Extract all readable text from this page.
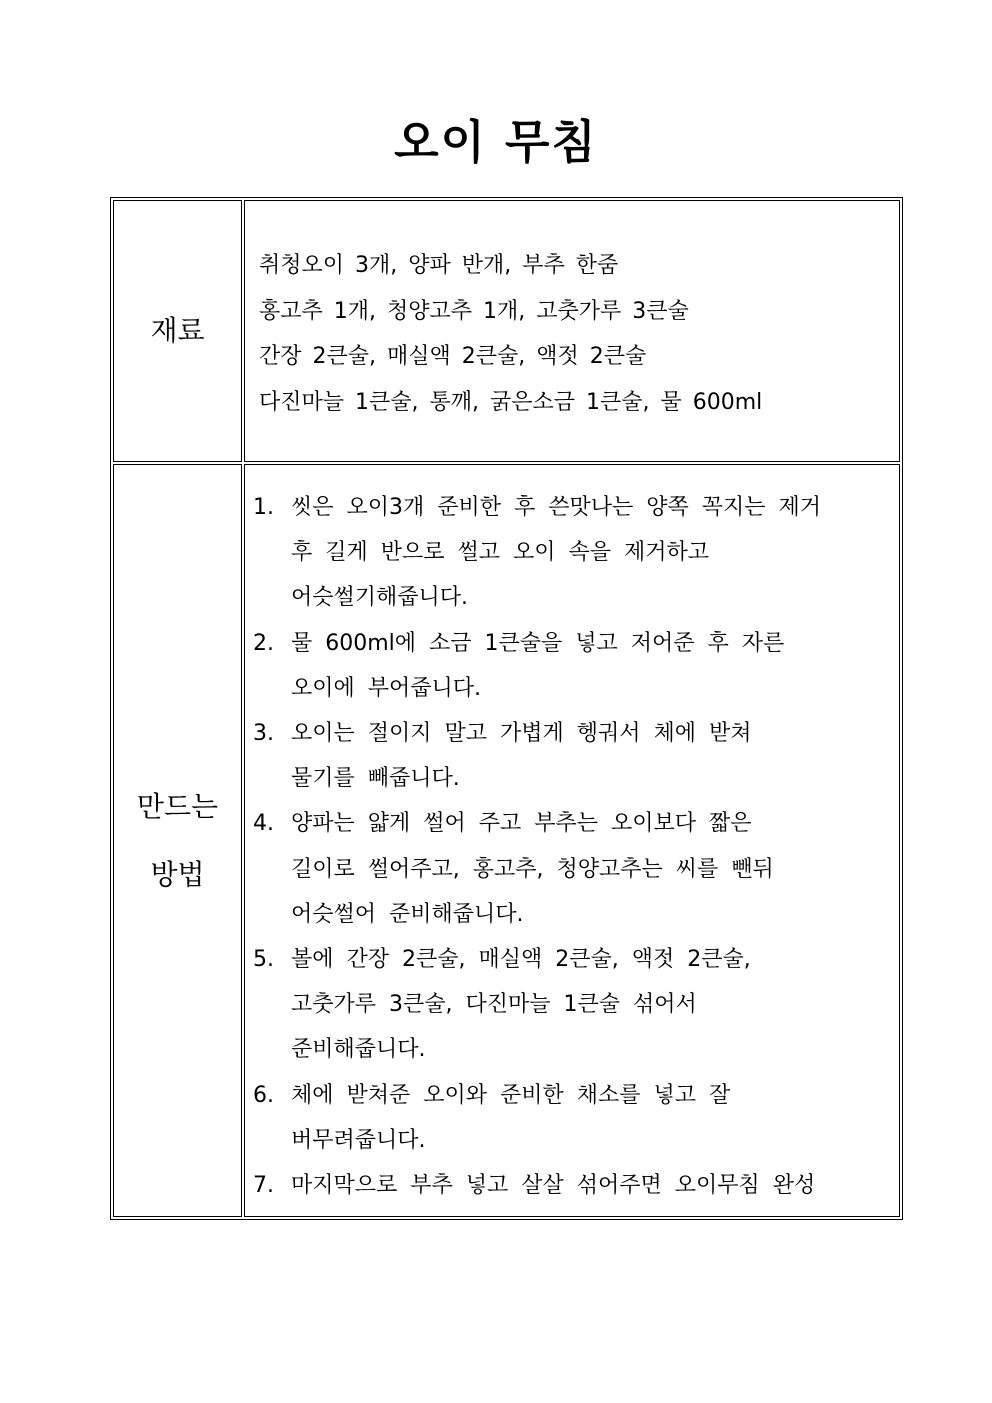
오이 무침
재료
취청오이 3개, 양파 반개, 부추 한줌
홍고추 1개, 청양고추 1개, 고춧가루 3큰술
간장 2큰술, 매실액 2큰술, 액젓 2큰술
다진마늘 1큰술, 통깨, 굵은소금 1큰술, 물 600ml
만드는
방법
1. 씻은 오이3개 준비한 후 쓴맛나는 양쪽 꼭지는 제거
후 길게 반으로 썰고 오이 속을 제거하고
어슷썰기해줍니다.
2. 물 600ml에 소금 1큰술을 넣고 저어준 후 자른
오이에 부어줍니다.
3. 오이는 절이지 말고 가볍게 헹궈서 체에 받쳐
물기를 빼줍니다.
4. 양파는 얇게 썰어 주고 부추는 오이보다 짧은
길이로 썰어주고, 홍고추, 청양고추는 씨를 뺀뒤
어슷썰어 준비해줍니다.
5. 볼에 간장 2큰술, 매실액 2큰술, 액젓 2큰술,
고춧가루 3큰술, 다진마늘 1큰술 섞어서
준비해줍니다.
6. 체에 받쳐준 오이와 준비한 채소를 넣고 잘
버무려줍니다.
7. 마지막으로 부추 넣고 살살 섞어주면 오이무침 완성
